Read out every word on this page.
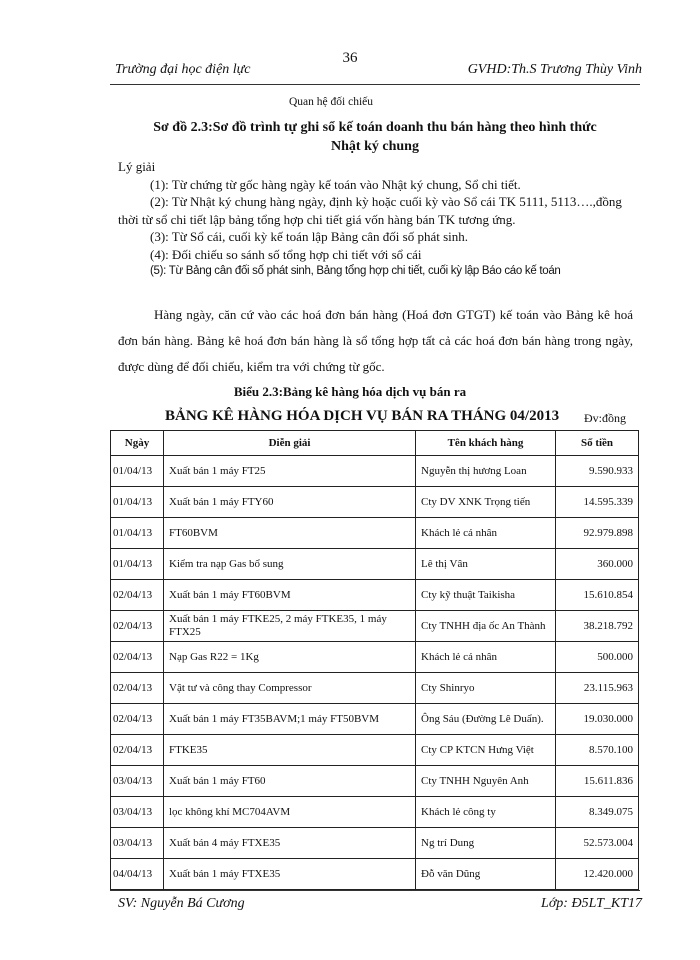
36
Trường đại học điện lực	GVHD:Th.S Trương Thùy Vinh
Quan hệ đối chiếu
Sơ đồ 2.3:Sơ đồ trình tự ghi sổ kế toán doanh thu bán hàng theo hình thức
Nhật ký chung
Lý giải
(1): Từ chứng từ gốc hàng ngày kế toán vào Nhật ký chung, Sổ chi tiết.
(2): Từ Nhật ký chung hàng ngày, định kỳ hoặc cuối kỳ vào Sổ cái TK 5111, 5113….,đồng thời từ sổ chi tiết lập bảng tổng hợp chi tiết giá vốn hàng bán TK tương ứng.
(3): Từ Sổ cái, cuối kỳ kế toán lập Bảng cân đối số phát sinh.
(4): Đối chiếu so sánh số tổng hợp chi tiết với sổ cái
(5): Từ Bảng cân đối số phát sinh, Bảng tổng hợp chi tiết, cuối kỳ lập Báo cáo kế toán
Hàng ngày, căn cứ vào các hoá đơn bán hàng (Hoá đơn GTGT) kế toán vào Bảng kê hoá đơn bán hàng. Bảng kê hoá đơn bán hàng là sổ tổng hợp tất cả các hoá đơn bán hàng trong ngày, được dùng để đối chiếu, kiểm tra với chứng từ gốc.
Biểu 2.3:Bảng kê hàng hóa dịch vụ bán ra
BẢNG KÊ HÀNG HÓA DỊCH VỤ BÁN RA THÁNG 04/2013 Đv:đồng
Ngày	Diễn giải	Tên khách hàng	Số tiền
01/04/13	Xuất bán 1 máy FT25	Nguyễn thị hương Loan	9.590.933
01/04/13	Xuất bán 1 máy FTY60	Cty DV XNK Trọng tiến	14.595.339
01/04/13	FT60BVM	Khách lẻ cá nhân	92.979.898
01/04/13	Kiểm tra nạp Gas bổ sung	Lê thị Vân	360.000
02/04/13	Xuất bán 1 máy FT60BVM	Cty kỹ thuật Taikisha	15.610.854
02/04/13	Xuất bán 1 máy FTKE25, 2 máy FTKE35, 1 máy FTX25	Cty TNHH địa ốc An Thành	38.218.792
02/04/13	Nạp Gas R22 = 1Kg	Khách lẻ cá nhân	500.000
02/04/13	Vật tư và công thay Compressor	Cty Shinryo	23.115.963
02/04/13	Xuất bán 1 máy FT35BAVM;1 máy FT50BVM	Ông Sáu (Đường Lê Duẩn).	19.030.000
02/04/13	FTKE35	Cty CP KTCN Hưng Việt	8.570.100
03/04/13	Xuất bán 1 máy FT60	Cty TNHH Nguyên Anh	15.611.836
03/04/13	lọc không khí MC704AVM	Khách lẻ công ty	8.349.075
03/04/13	Xuất bán 4 máy FTXE35	Ng trí Dung	52.573.004
04/04/13	Xuất bán 1 máy FTXE35	Đỗ văn Dũng	12.420.000
SV: Nguyễn Bá Cương	Lớp: Đ5LT_KT17
